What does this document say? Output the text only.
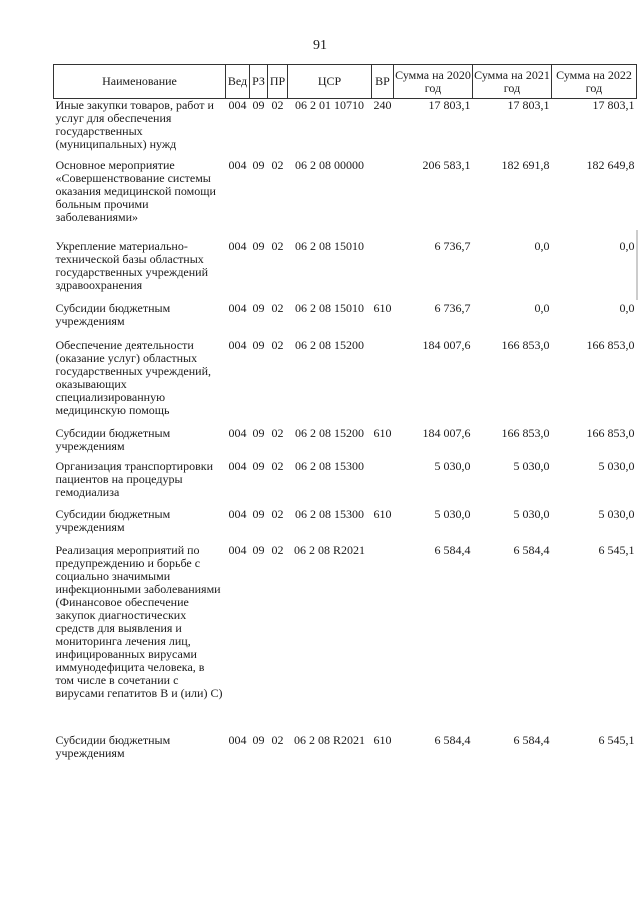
91
Наименование	Вед	РЗ	ПР	ЦСР	ВР	Сумма на 2020 год	Сумма на 2021 год	Сумма на 2022 год
Иные закупки товаров, работ и услуг для обеспечения государственных (муниципальных) нужд	004	09	02	06 2 01 10710	240	17 803,1	17 803,1	17 803,1
Основное мероприятие «Совершенствование системы оказания медицинской помощи больным прочими заболеваниями»	004	09	02	06 2 08 00000		206 583,1	182 691,8	182 649,8
Укрепление материально-технической базы областных государственных учреждений здравоохранения	004	09	02	06 2 08 15010		6 736,7	0,0	0,0
Субсидии бюджетным учреждениям	004	09	02	06 2 08 15010	610	6 736,7	0,0	0,0
Обеспечение деятельности (оказание услуг) областных государственных учреждений, оказывающих специализированную медицинскую помощь	004	09	02	06 2 08 15200		184 007,6	166 853,0	166 853,0
Субсидии бюджетным учреждениям	004	09	02	06 2 08 15200	610	184 007,6	166 853,0	166 853,0
Организация транспортировки пациентов на процедуры гемодиализа	004	09	02	06 2 08 15300		5 030,0	5 030,0	5 030,0
Субсидии бюджетным учреждениям	004	09	02	06 2 08 15300	610	5 030,0	5 030,0	5 030,0
Реализация мероприятий по предупреждению и борьбе с социально значимыми инфекционными заболеваниями (Финансовое обеспечение закупок диагностических средств для выявления и мониторинга лечения лиц, инфицированных вирусами иммунодефицита человека, в том числе в сочетании с вирусами гепатитов B и (или) C)	004	09	02	06 2 08 R2021		6 584,4	6 584,4	6 545,1
Субсидии бюджетным учреждениям	004	09	02	06 2 08 R2021	610	6 584,4	6 584,4	6 545,1
